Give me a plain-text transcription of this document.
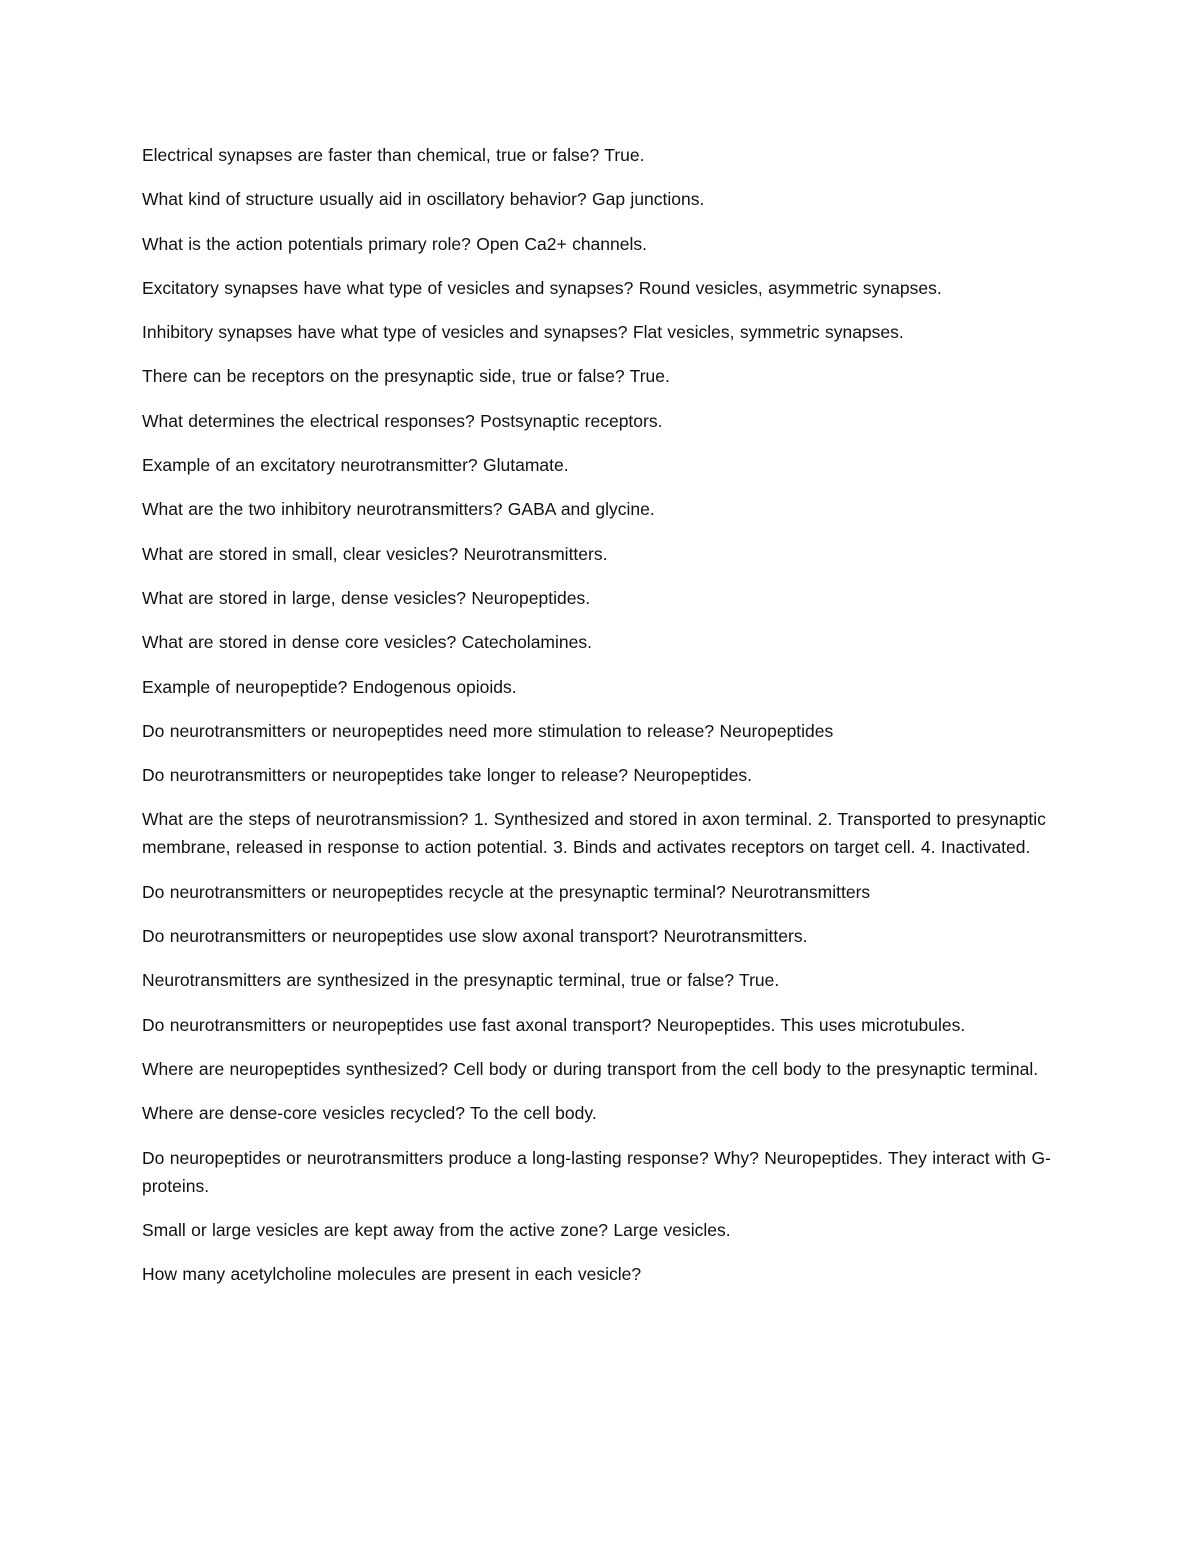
Electrical synapses are faster than chemical, true or false? True.

What kind of structure usually aid in oscillatory behavior? Gap junctions.

What is the action potentials primary role? Open Ca2+ channels.

Excitatory synapses have what type of vesicles and synapses? Round vesicles, asymmetric synapses.

Inhibitory synapses have what type of vesicles and synapses? Flat vesicles, symmetric synapses.

There can be receptors on the presynaptic side, true or false? True.

What determines the electrical responses? Postsynaptic receptors.

Example of an excitatory neurotransmitter? Glutamate.

What are the two inhibitory neurotransmitters? GABA and glycine.

What are stored in small, clear vesicles? Neurotransmitters.

What are stored in large, dense vesicles? Neuropeptides.

What are stored in dense core vesicles? Catecholamines.

Example of neuropeptide? Endogenous opioids.

Do neurotransmitters or neuropeptides need more stimulation to release? Neuropeptides

Do neurotransmitters or neuropeptides take longer to release? Neuropeptides.

What are the steps of neurotransmission? 1. Synthesized and stored in axon terminal. 2. Transported to presynaptic membrane, released in response to action potential. 3. Binds and activates receptors on target cell. 4. Inactivated.

Do neurotransmitters or neuropeptides recycle at the presynaptic terminal? Neurotransmitters

Do neurotransmitters or neuropeptides use slow axonal transport? Neurotransmitters.

Neurotransmitters are synthesized in the presynaptic terminal, true or false? True.

Do neurotransmitters or neuropeptides use fast axonal transport? Neuropeptides. This uses microtubules.

Where are neuropeptides synthesized? Cell body or during transport from the cell body to the presynaptic terminal.

Where are dense-core vesicles recycled? To the cell body.

Do neuropeptides or neurotransmitters produce a long-lasting response? Why? Neuropeptides. They interact with G-proteins.

Small or large vesicles are kept away from the active zone? Large vesicles.

How many acetylcholine molecules are present in each vesicle?
